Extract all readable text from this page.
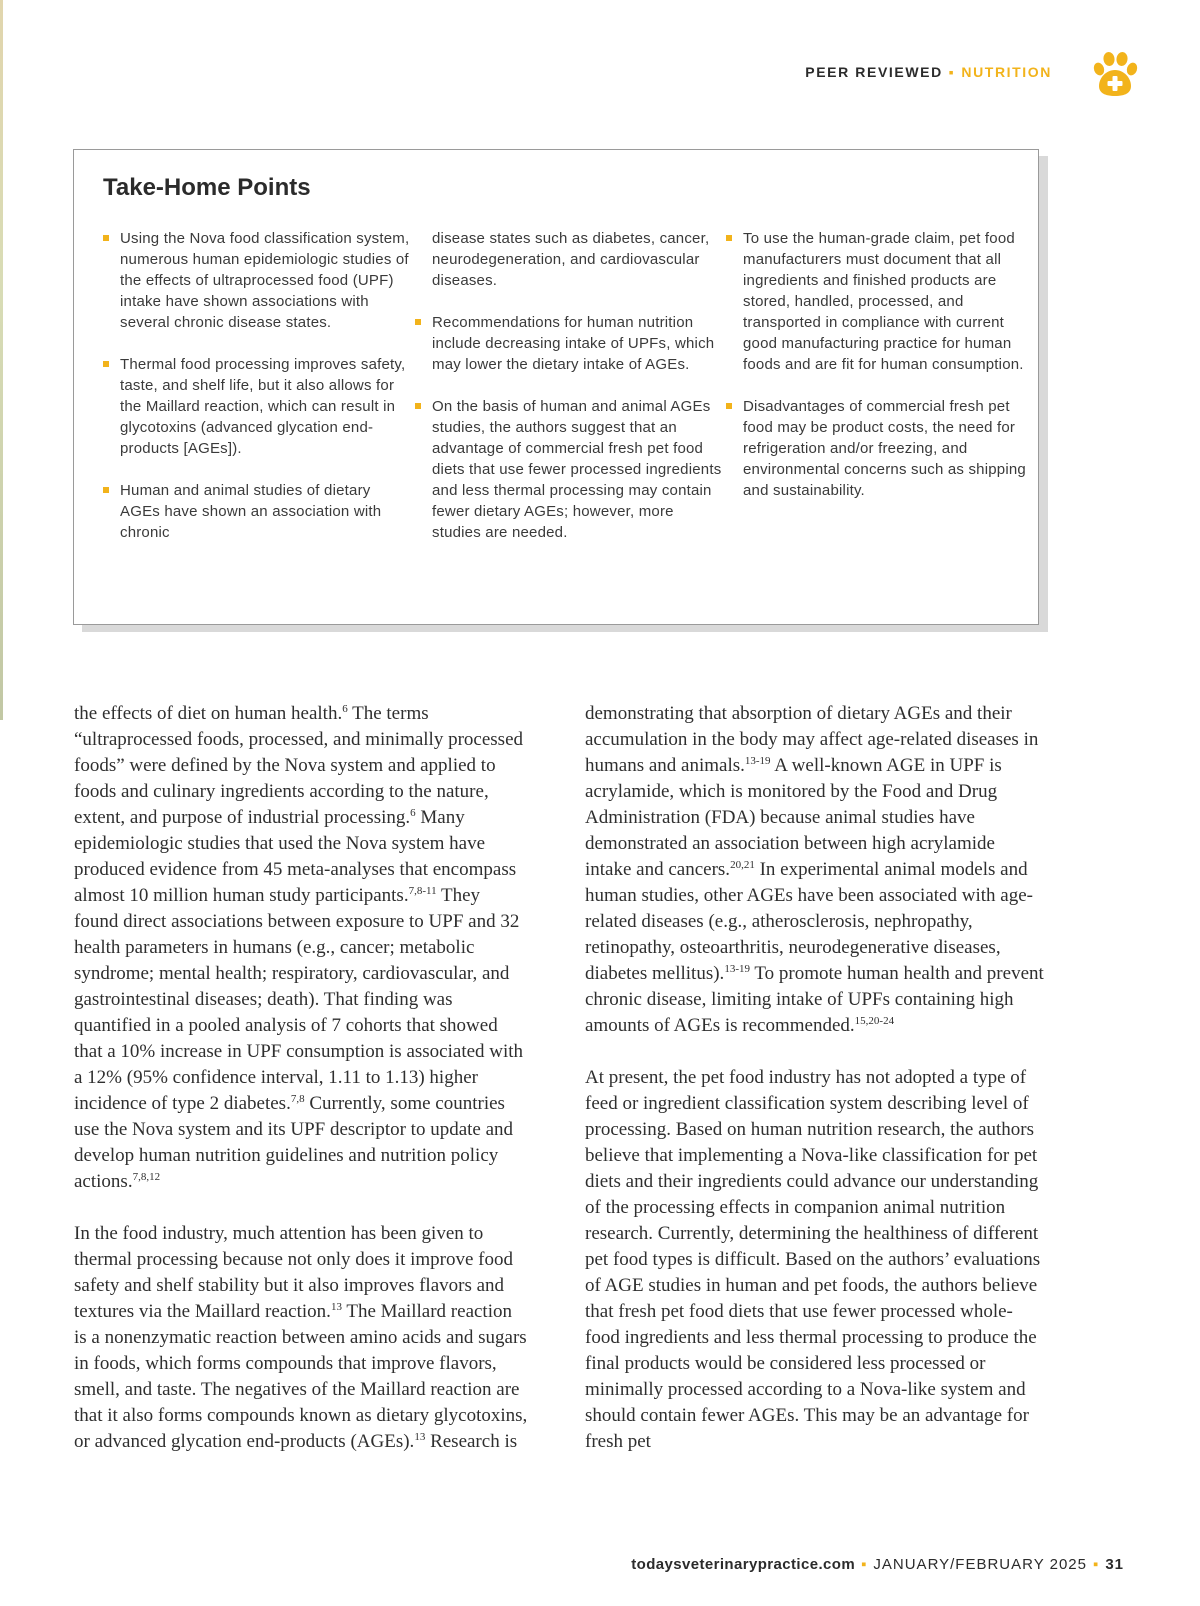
PEER REVIEWED ▪ NUTRITION
Take-Home Points
Using the Nova food classification system, numerous human epidemiologic studies of the effects of ultraprocessed food (UPF) intake have shown associations with several chronic disease states.
Thermal food processing improves safety, taste, and shelf life, but it also allows for the Maillard reaction, which can result in glycotoxins (advanced glycation end-products [AGEs]).
Human and animal studies of dietary AGEs have shown an association with chronic
disease states such as diabetes, cancer, neurodegeneration, and cardiovascular diseases.
Recommendations for human nutrition include decreasing intake of UPFs, which may lower the dietary intake of AGEs.
On the basis of human and animal AGEs studies, the authors suggest that an advantage of commercial fresh pet food diets that use fewer processed ingredients and less thermal processing may contain fewer dietary AGEs; however, more studies are needed.
To use the human-grade claim, pet food manufacturers must document that all ingredients and finished products are stored, handled, processed, and transported in compliance with current good manufacturing practice for human foods and are fit for human consumption.
Disadvantages of commercial fresh pet food may be product costs, the need for refrigeration and/or freezing, and environmental concerns such as shipping and sustainability.

the effects of diet on human health.$^6$ The terms “ultraprocessed foods, processed, and minimally processed foods” were defined by the Nova system and applied to foods and culinary ingredients according to the nature, extent, and purpose of industrial processing.$^6$ Many epidemiologic studies that used the Nova system have produced evidence from 45 meta-analyses that encompass almost 10 million human study participants.$^{7,8-11}$ They found direct associations between exposure to UPF and 32 health parameters in humans (e.g., cancer; metabolic syndrome; mental health; respiratory, cardiovascular, and gastrointestinal diseases; death). That finding was quantified in a pooled analysis of 7 cohorts that showed that a 10% increase in UPF consumption is associated with a 12% (95% confidence interval, 1.11 to 1.13) higher incidence of type 2 diabetes.$^{7,8}$ Currently, some countries use the Nova system and its UPF descriptor to update and develop human nutrition guidelines and nutrition policy actions.$^{7,8,12}$

In the food industry, much attention has been given to thermal processing because not only does it improve food safety and shelf stability but it also improves flavors and textures via the Maillard reaction.$^{13}$ The Maillard reaction is a nonenzymatic reaction between amino acids and sugars in foods, which forms compounds that improve flavors, smell, and taste. The negatives of the Maillard reaction are that it also forms compounds known as dietary glycotoxins, or advanced glycation end-products (AGEs).$^{13}$ Research is

demonstrating that absorption of dietary AGEs and their accumulation in the body may affect age-related diseases in humans and animals.$^{13-19}$ A well-known AGE in UPF is acrylamide, which is monitored by the Food and Drug Administration (FDA) because animal studies have demonstrated an association between high acrylamide intake and cancers.$^{20,21}$ In experimental animal models and human studies, other AGEs have been associated with age-related diseases (e.g., atherosclerosis, nephropathy, retinopathy, osteoarthritis, neurodegenerative diseases, diabetes mellitus).$^{13-19}$ To promote human health and prevent chronic disease, limiting intake of UPFs containing high amounts of AGEs is recommended.$^{15,20-24}$

At present, the pet food industry has not adopted a type of feed or ingredient classification system describing level of processing. Based on human nutrition research, the authors believe that implementing a Nova-like classification for pet diets and their ingredients could advance our understanding of the processing effects in companion animal nutrition research. Currently, determining the healthiness of different pet food types is difficult. Based on the authors’ evaluations of AGE studies in human and pet foods, the authors believe that fresh pet food diets that use fewer processed whole-food ingredients and less thermal processing to produce the final products would be considered less processed or minimally processed according to a Nova-like system and should contain fewer AGEs. This may be an advantage for fresh pet

todaysveterinarypractice.com ▪ JANUARY/FEBRUARY 2025 ▪ 31
